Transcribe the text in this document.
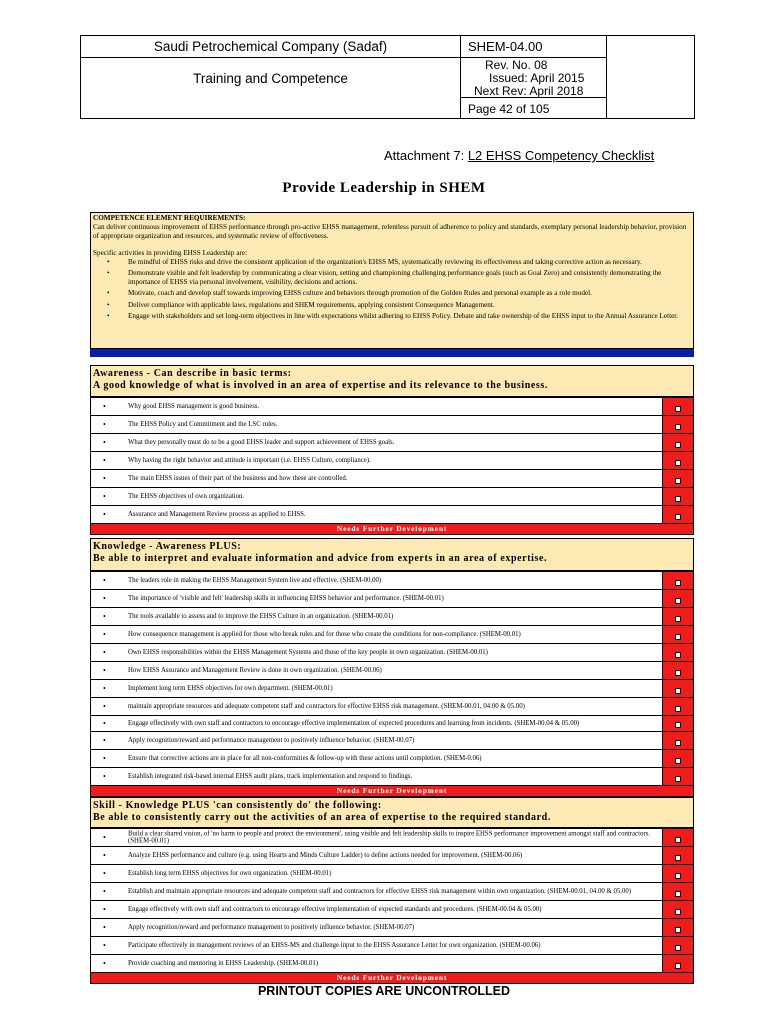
Saudi Petrochemical Company (Sadaf)
Training and Competence
SHEM-04.00
Rev. No. 08
Issued: April 2015
Next Rev: April 2018
Page 42 of 105
Attachment 7: L2 EHSS Competency Checklist
Provide Leadership in SHEM
COMPETENCE ELEMENT REQUIREMENTS:
Can deliver continuous improvement of EHSS performance through pro-active EHSS management, relentless pursuit of adherence to policy and standards, exemplary personal leadership behavior, provision of appropriate organization and resources, and systematic review of effectiveness.
Specific activities in providing EHSS Leadership are:
• Be mindful of EHSS risks and drive the consistent application of the organization's EHSS MS, systematically reviewing its effectiveness and taking corrective action as necessary.
• Demonstrate visible and felt leadership by communicating a clear vision, setting and championing challenging performance goals (such as Goal Zero) and consistently demonstrating the importance of EHSS via personal involvement, visibility, decisions and actions.
• Motivate, coach and develop staff towards improving EHSS culture and behaviors through promotion of the Golden Rules and personal example as a role model.
• Deliver compliance with applicable laws, regulations and SHEM requirements, applying consistent Consequence Management.
• Engage with stakeholders and set long-term objectives in line with expectations whilst adhering to EHSS Policy. Debate and take ownership of the EHSS input to the Annual Assurance Letter.
Awareness - Can describe in basic terms:
A good knowledge of what is involved in an area of expertise and its relevance to the business.
•	Why good EHSS management is good business.
•	The EHSS Policy and Commitment and the LSC rules.
•	What they personally must do to be a good EHSS leader and support achievement of EHSS goals.
•	Why having the right behavior and attitude is important (i.e. EHSS Culture, compliance).
•	The main EHSS issues of their part of the business and how these are controlled.
•	The EHSS objectives of own organization.
•	Assurance and Management Review process as applied to EHSS.
Needs Further Development
Knowledge - Awareness PLUS:
Be able to interpret and evaluate information and advice from experts in an area of expertise.
•	The leaders role in making the EHSS Management System live and effective. (SHEM-00.00)
•	The importance of 'visible and felt' leadership skills in influencing EHSS behavior and performance. (SHEM-00.01)
•	The tools available to assess and to improve the EHSS Culture in an organization. (SHEM-00.01)
•	How consequence management is applied for those who break rules and for those who create the conditions for non-compliance. (SHEM-00.01)
•	Own EHSS responsibilities within the EHSS Management Systems and those of the key people in own organization. (SHEM-00.01)
•	How EHSS Assurance and Management Review is done in own organization. (SHEM-00.06)
•	Implement long term EHSS objectives for own department. (SHEM-00.01)
•	maintain appropriate resources and adequate competent staff and contractors for effective EHSS risk management. (SHEM-00.01, 04.00 & 05.00)
•	Engage effectively with own staff and contractors to encourage effective implementation of expected procedures and learning from incidents. (SHEM-00.04 & 05.00)
•	Apply recognition/reward and performance management to positively influence behavior. (SHEM-00.07)
•	Ensure that corrective actions are in place for all non-conformities & follow-up with these actions until completion. (SHEM-0.06)
•	Establish integrated risk-based internal EHSS audit plans, track implementation and respond to findings.
Needs Further Development
Skill - Knowledge PLUS 'can consistently do' the following:
Be able to consistently carry out the activities of an area of expertise to the required standard.
•	Build a clear shared vision, of 'no harm to people and protect the environment', using visible and felt leadership skills to inspire EHSS performance improvement amongst staff and contractors. (SHEM-00.01)
•	Analyze EHSS performance and culture (e.g. using Hearts and Minds Culture Ladder) to define actions needed for improvement. (SHEM-00.06)
•	Establish long term EHSS objectives for own organization. (SHEM-00.01)
•	Establish and maintain appropriate resources and adequate competent staff and contractors for effective EHSS risk management within own organization. (SHEM-00.01, 04.00 & 05.00)
•	Engage effectively with own staff and contractors to encourage effective implementation of expected standards and procedures. (SHEM-00.04 & 05.00)
•	Apply recognition/reward and performance management to positively influence behavior. (SHEM-00.07)
•	Participate effectively in management reviews of an EHSS-MS and challenge input to the EHSS Assurance Letter for own organization. (SHEM-00.06)
•	Provide coaching and mentoring in EHSS Leadership. (SHEM-00.01)
Needs Further Development
PRINTOUT COPIES ARE UNCONTROLLED
